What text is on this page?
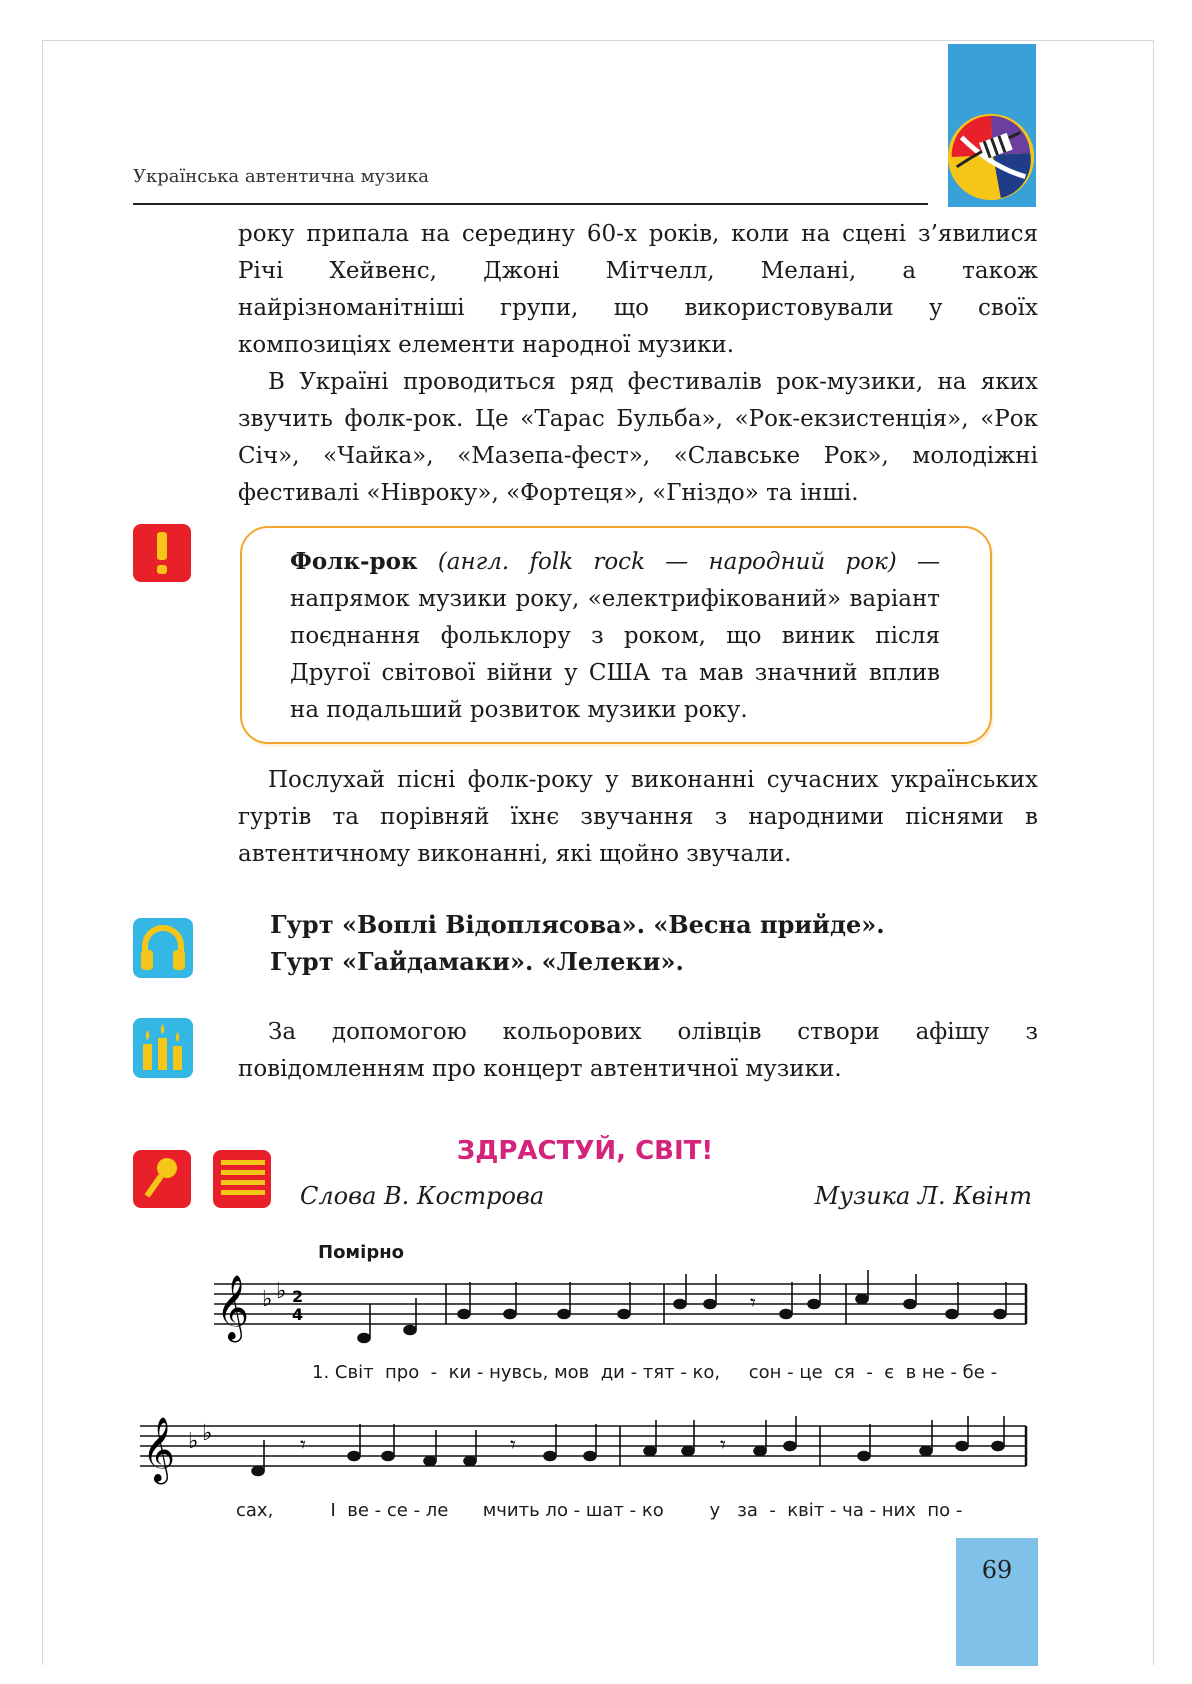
Українська автентична музика

року припала на середину 60-х років, коли на сцені з’явилися Річі Хейвенс, Джоні Мітчелл, Мелані, а також найрізноманітніші групи, що використовували у своїх композиціях елементи народної музики.

В Україні проводиться ряд фестивалів рок-музики, на яких звучить фолк-рок. Це «Тарас Бульба», «Рок-екзистенція», «Рок Січ», «Чайка», «Мазепа-фест», «Славське Рок», молодіжні фестивалі «Нівроку», «Фортеця», «Гніздо» та інші.

Фолк-рок (англ. folk rock — народний рок) — напрямок музики року, «електрифікований» варіант поєднання фольклору з роком, що виник після Другої світової війни у США та мав значний вплив на подальший розвиток музики року.

Послухай пісні фолк-року у виконанні сучасних українських гуртів та порівняй їхнє звучання з народними піснями в автентичному виконанні, які щойно звучали.

Гурт «Воплі Відоплясова». «Весна прийде».
Гурт «Гайдамаки». «Лелеки».

За допомогою кольорових олівців створи афішу з повідомленням про концерт автентичної музики.

ЗДРАСТУЙ, СВІТ!
Слова В. Кострова	Музика Л. Квінт
Помірно
𝄞 ♭ ♭ 2
4	𝄾
1. Світ  про  -  ки - нувсь, мов  ди - тят - ко,     сон - це  ся  -  є  в не - бе -
𝄞 ♭ ♭	𝄾	𝄾	𝄾
сах,          І  ве - се - ле      мчить ло - шат - ко        у   за  -  квіт - ча - них  по -
69
